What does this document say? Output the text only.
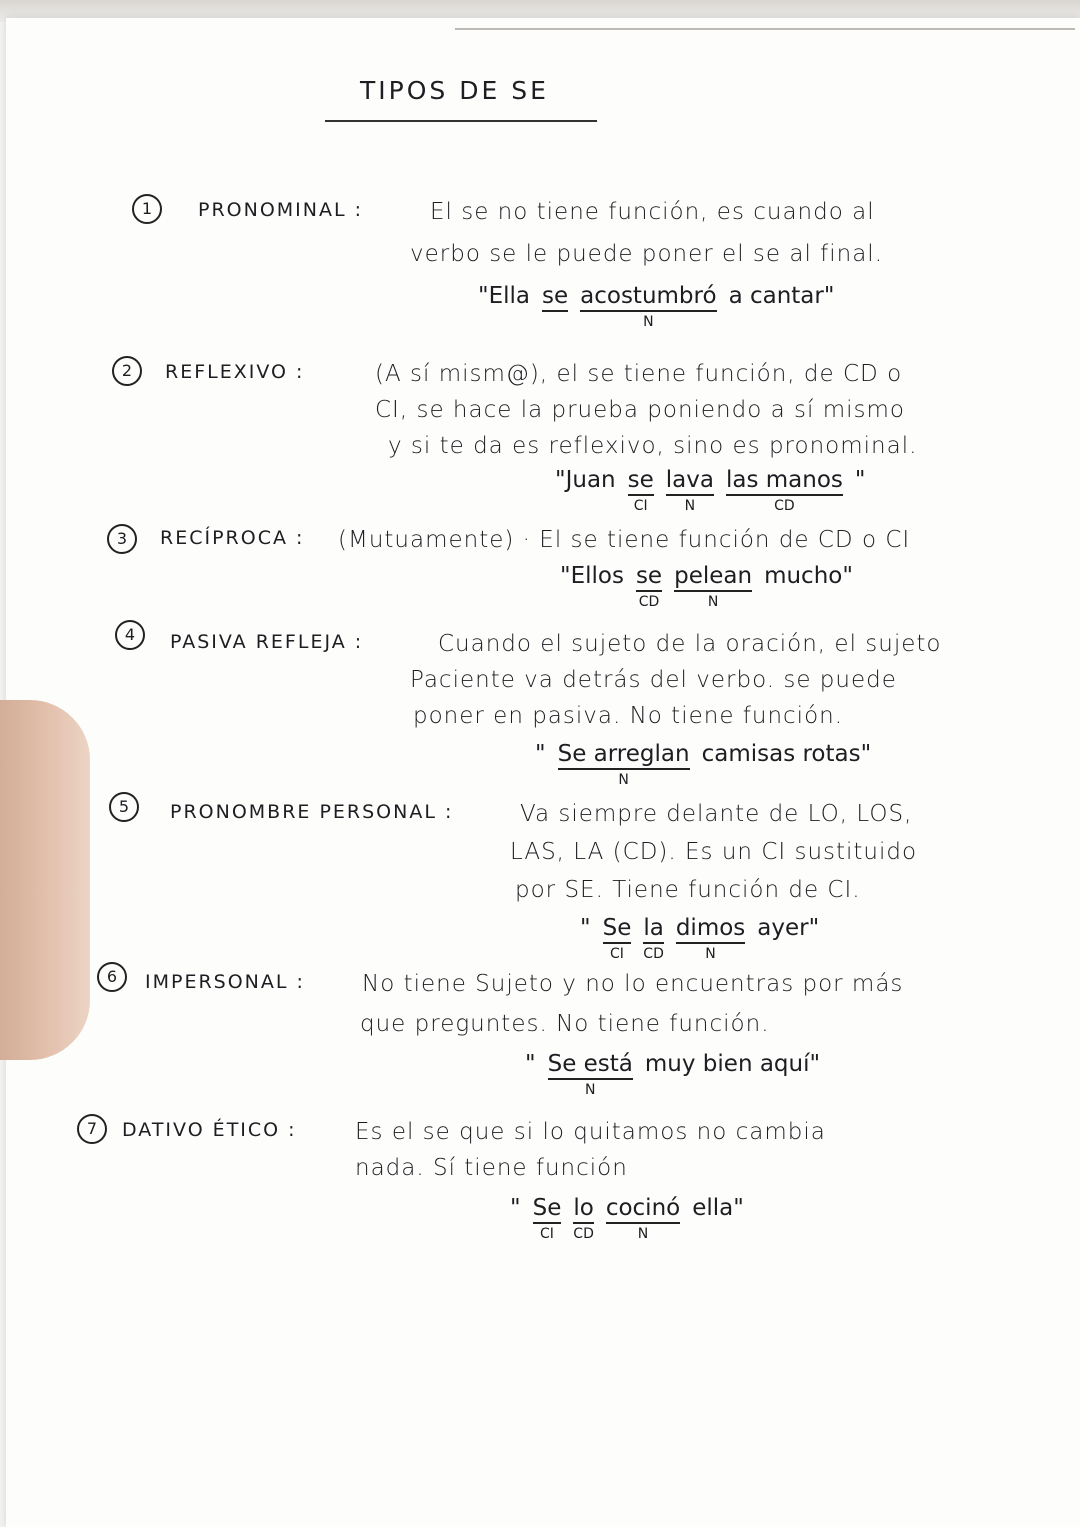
TIPOS DE SE
1	PRONOMINAL :	El se no tiene función, es cuando al
verbo se le puede poner el se al final.
"Ella se acostumbró
N
a cantar"
2	REFLEXIVO :	(A sí mism@), el se tiene función, de CD o
CI, se hace la prueba poniendo a sí mismo
y si te da es reflexivo, sino es pronominal.
"Juan se
CI
lava
N
las manos
CD
"
3	RECÍPROCA : (Mutuamente) · El se tiene función de CD o CI
"Ellos se
CD
pelean
N
mucho"
4	PASIVA REFLEJA :	Cuando el sujeto de la oración, el sujeto
Paciente va detrás del verbo. se puede
poner en pasiva. No tiene función.
" Se arreglan
N
camisas rotas"
5	PRONOMBRE PERSONAL :	Va siempre delante de LO, LOS,
LAS, LA (CD). Es un CI sustituido
por SE. Tiene función de CI.
" Se
CI
la
CD
dimos
N
ayer"
6	IMPERSONAL : No tiene Sujeto y no lo encuentras por más
que preguntes. No tiene función.
" Se está
N
muy bien aquí"
7	DATIVO ÉTICO :	Es el se que si lo quitamos no cambia
nada. Sí tiene función
" Se
CI
lo
CD
cocinó
N
ella"
